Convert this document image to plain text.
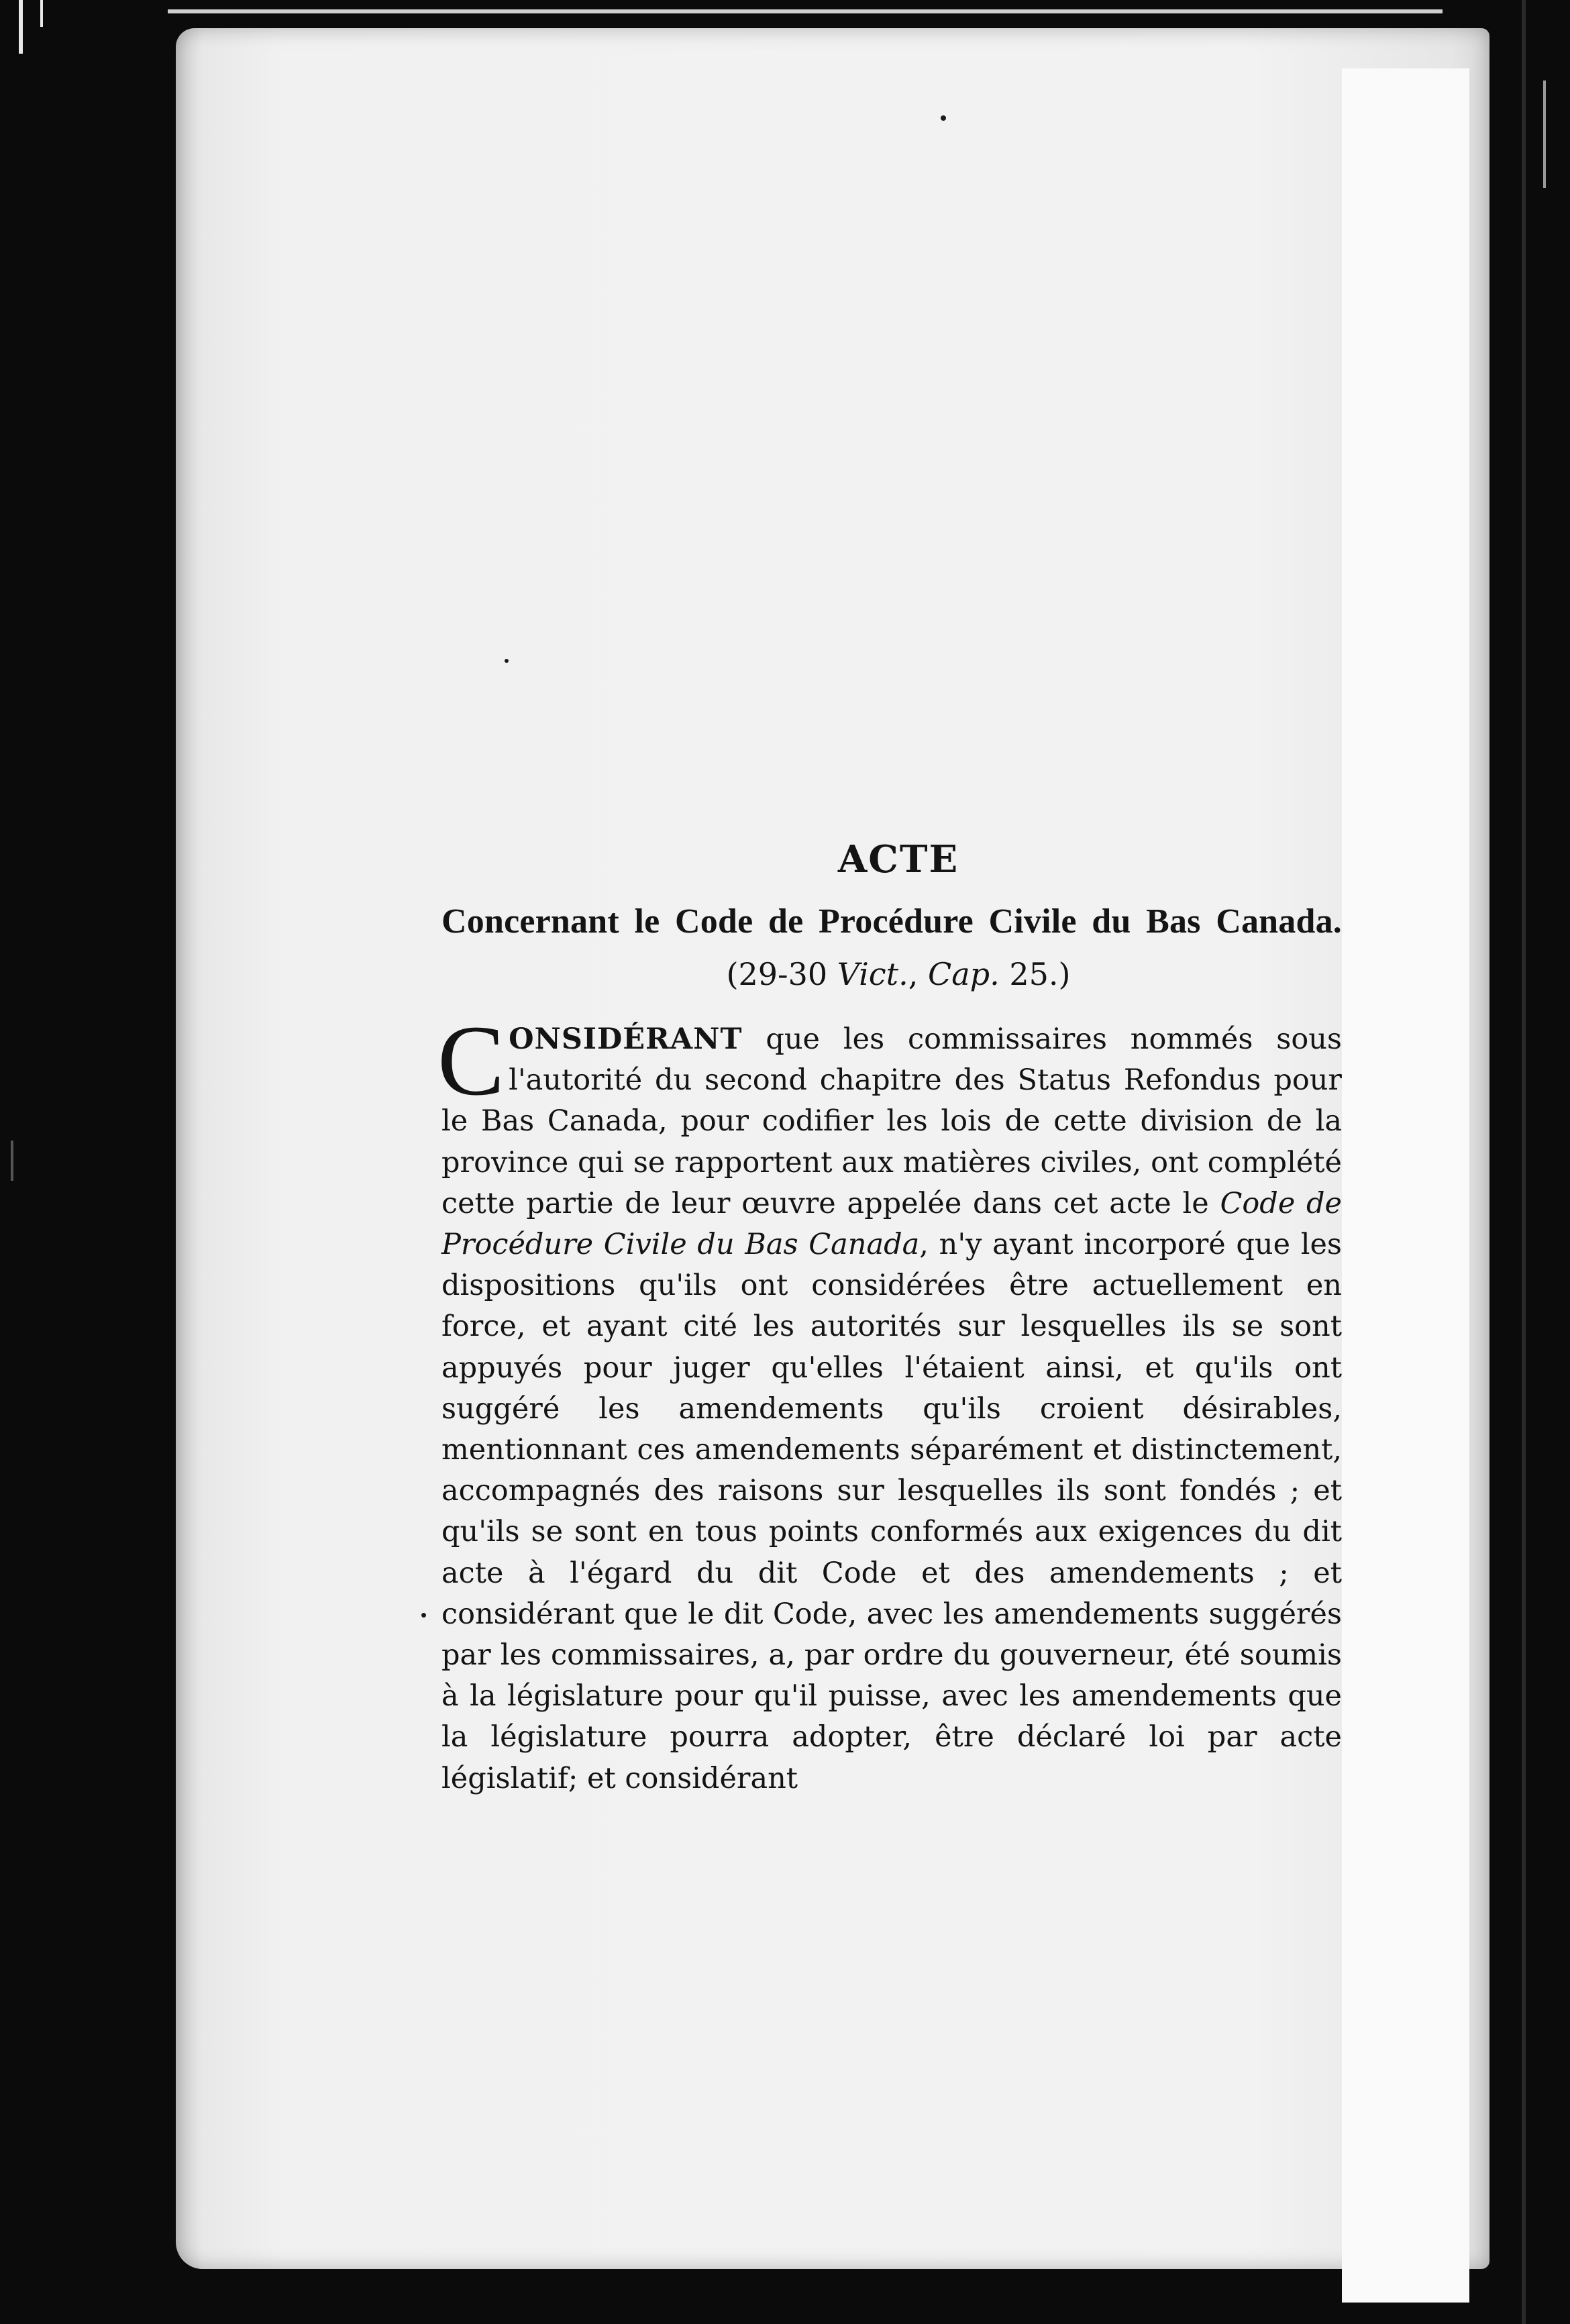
ACTE
Concernant le Code de Procédure Civile du Bas Canada.
(29-30 Vict., Cap. 25.)

CONSIDÉRANT que les commissaires nommés sous l'autorité du second chapitre des Status Refondus pour le Bas Canada, pour codifier les lois de cette division de la province qui se rapportent aux matières civiles, ont complété cette partie de leur œuvre appelée dans cet acte le Code de Procédure Civile du Bas Canada, n'y ayant incorporé que les dispositions qu'ils ont considérées être actuellement en force, et ayant cité les autorités sur lesquelles ils se sont appuyés pour juger qu'elles l'étaient ainsi, et qu'ils ont suggéré les amendements qu'ils croient désirables, mentionnant ces amendements séparément et distinctement, accompagnés des raisons sur lesquelles ils sont fondés ; et qu'ils se sont en tous points conformés aux exigences du dit acte à l'égard du dit Code et des amendements ; et considérant que le dit Code, avec les amendements suggérés par les commissaires, a, par ordre du gouverneur, été soumis à la législature pour qu'il puisse, avec les amendements que la législature pourra adopter, être déclaré loi par acte législatif; et considérant
